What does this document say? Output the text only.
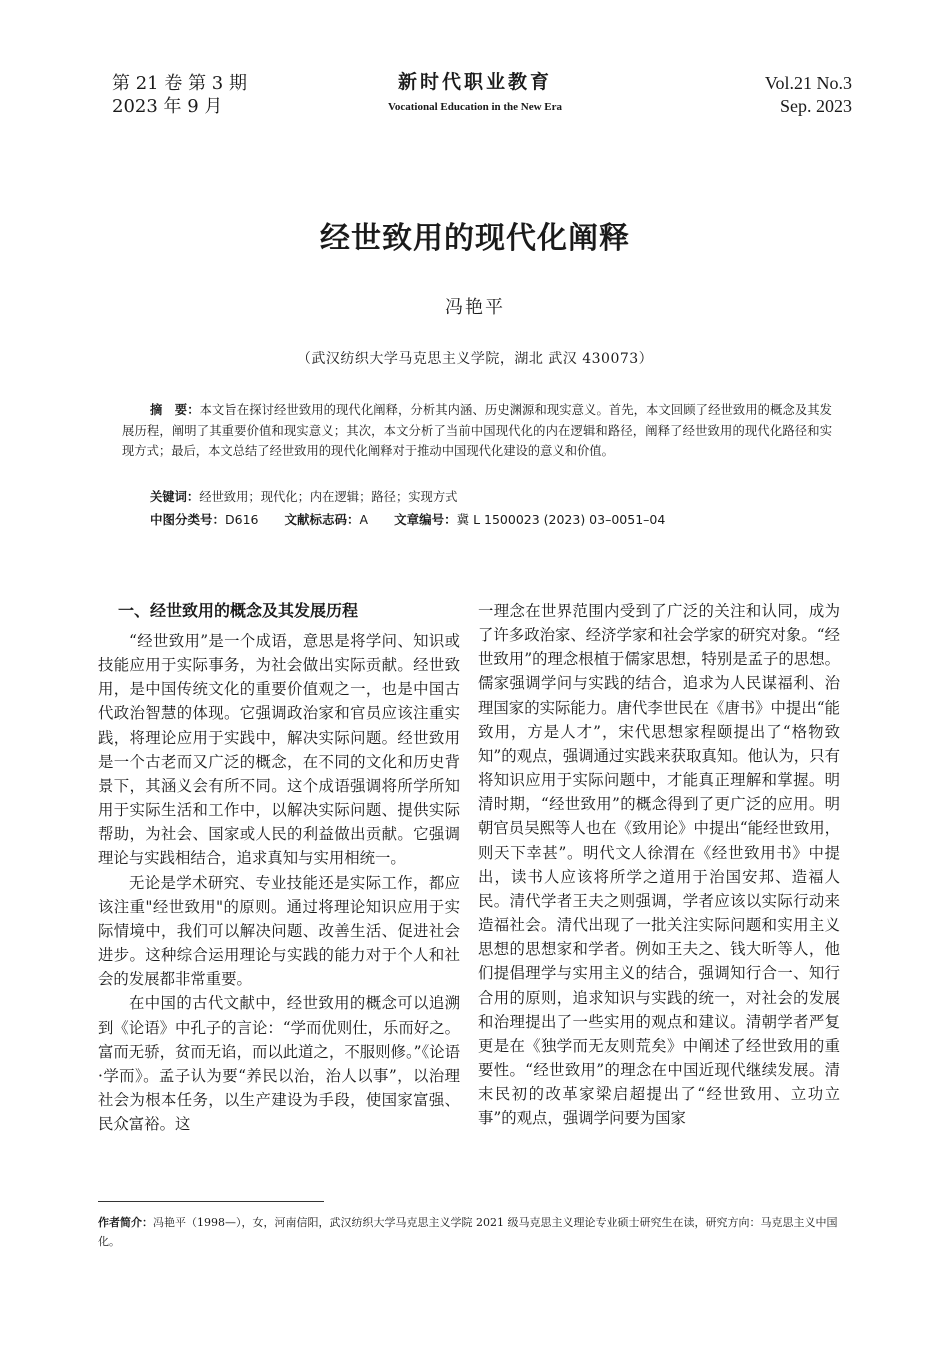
第 21 卷 第 3 期
2023 年 9 月
新时代职业教育
Vocational Education in the New Era
Vol.21 No.3
Sep. 2023
经世致用的现代化阐释
冯艳平
（武汉纺织大学马克思主义学院，湖北 武汉 430073）
摘　要：本文旨在探讨经世致用的现代化阐释，分析其内涵、历史渊源和现实意义。首先，本文回顾了经世致用的概念及其发展历程，阐明了其重要价值和现实意义；其次，本文分析了当前中国现代化的内在逻辑和路径，阐释了经世致用的现代化路径和实现方式；最后，本文总结了经世致用的现代化阐释对于推动中国现代化建设的意义和价值。
关键词：经世致用；现代化；内在逻辑；路径；实现方式
中图分类号：D616 文献标志码：A 文章编号：冀 L 1500023 (2023) 03–0051–04
一、经世致用的概念及其发展历程

“经世致用”是一个成语，意思是将学问、知识或技能应用于实际事务，为社会做出实际贡献。经世致用，是中国传统文化的重要价值观之一，也是中国古代政治智慧的体现。它强调政治家和官员应该注重实践，将理论应用于实践中，解决实际问题。经世致用是一个古老而又广泛的概念，在不同的文化和历史背景下，其涵义会有所不同。这个成语强调将所学所知用于实际生活和工作中，以解决实际问题、提供实际帮助，为社会、国家或人民的利益做出贡献。它强调理论与实践相结合，追求真知与实用相统一。

无论是学术研究、专业技能还是实际工作，都应该注重"经世致用"的原则。通过将理论知识应用于实际情境中，我们可以解决问题、改善生活、促进社会进步。这种综合运用理论与实践的能力对于个人和社会的发展都非常重要。

在中国的古代文献中，经世致用的概念可以追溯到《论语》中孔子的言论：“学而优则仕，乐而好之。富而无骄，贫而无谄，而以此道之，不服则修。”《论语·学而》。孟子认为要“养民以治，治人以事”，以治理社会为根本任务，以生产建设为手段，使国家富强、民众富裕。这

一理念在世界范围内受到了广泛的关注和认同，成为了许多政治家、经济学家和社会学家的研究对象。“经世致用”的理念根植于儒家思想，特别是孟子的思想。儒家强调学问与实践的结合，追求为人民谋福利、治理国家的实际能力。唐代李世民在《唐书》中提出“能致用，方是人才”，宋代思想家程颐提出了“格物致知”的观点，强调通过实践来获取真知。他认为，只有将知识应用于实际问题中，才能真正理解和掌握。明清时期，“经世致用”的概念得到了更广泛的应用。明朝官员吴熙等人也在《致用论》中提出“能经世致用，则天下幸甚”。明代文人徐渭在《经世致用书》中提出，读书人应该将所学之道用于治国安邦、造福人民。清代学者王夫之则强调，学者应该以实际行动来造福社会。清代出现了一批关注实际问题和实用主义思想的思想家和学者。例如王夫之、钱大昕等人，他们提倡理学与实用主义的结合，强调知行合一、知行合用的原则，追求知识与实践的统一，对社会的发展和治理提出了一些实用的观点和建议。清朝学者严复更是在《独学而无友则荒矣》中阐述了经世致用的重要性。“经世致用”的理念在中国近现代继续发展。清末民初的改革家梁启超提出了“经世致用、立功立事”的观点，强调学问要为国家

作者简介：冯艳平（1998—），女，河南信阳，武汉纺织大学马克思主义学院 2021 级马克思主义理论专业硕士研究生在读，研究方向：马克思主义中国化。
